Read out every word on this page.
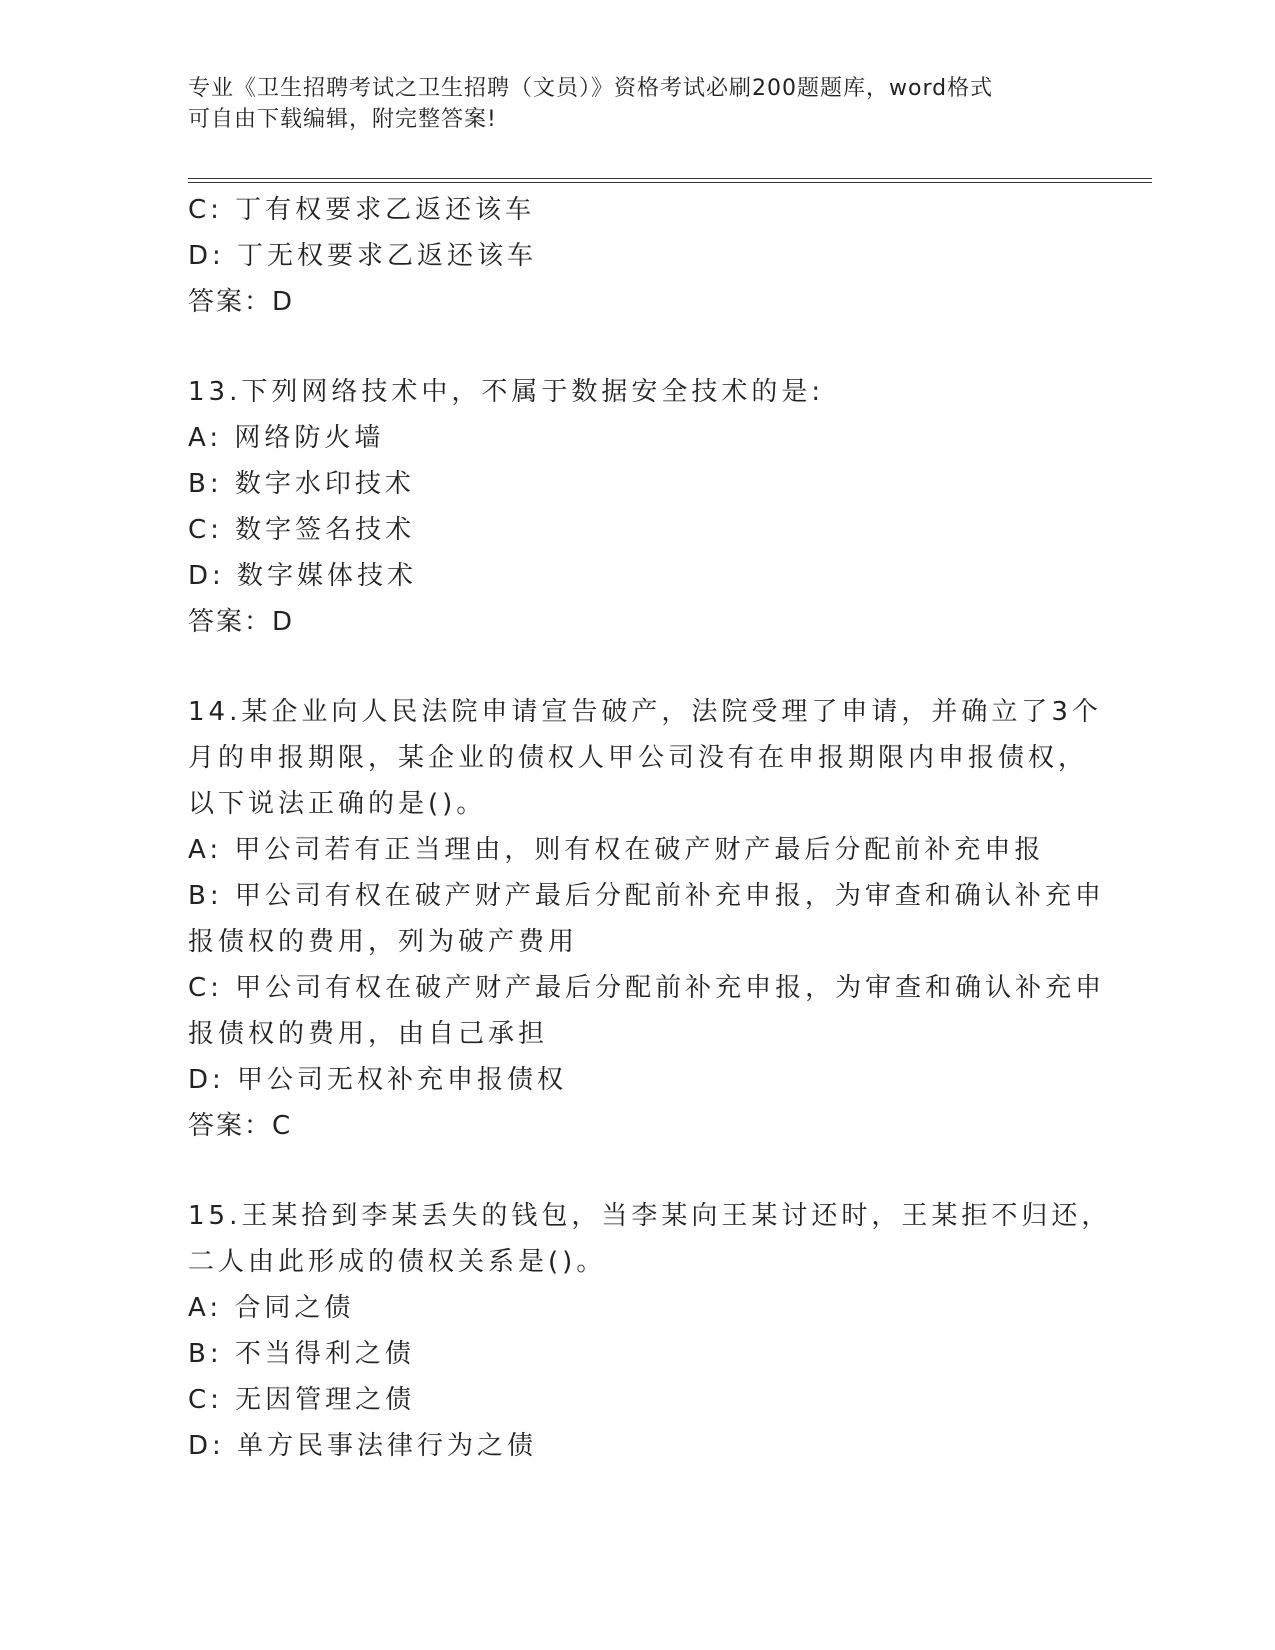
专业《卫生招聘考试之卫生招聘（文员）》资格考试必刷200题题库，word格式
可自由下载编辑，附完整答案!
C: 丁有权要求乙返还该车
D: 丁无权要求乙返还该车
答案：D
13.下列网络技术中，不属于数据安全技术的是:
A: 网络防火墙
B: 数字水印技术
C: 数字签名技术
D: 数字媒体技术
答案：D
14.某企业向人民法院申请宣告破产，法院受理了申请，并确立了3个
月的申报期限，某企业的债权人甲公司没有在申报期限内申报债权，
以下说法正确的是()。
A: 甲公司若有正当理由，则有权在破产财产最后分配前补充申报
B: 甲公司有权在破产财产最后分配前补充申报，为审查和确认补充申
报债权的费用，列为破产费用
C: 甲公司有权在破产财产最后分配前补充申报，为审查和确认补充申
报债权的费用，由自己承担
D: 甲公司无权补充申报债权
答案：C
15.王某拾到李某丢失的钱包，当李某向王某讨还时，王某拒不归还，
二人由此形成的债权关系是()。
A: 合同之债
B: 不当得利之债
C: 无因管理之债
D: 单方民事法律行为之债
